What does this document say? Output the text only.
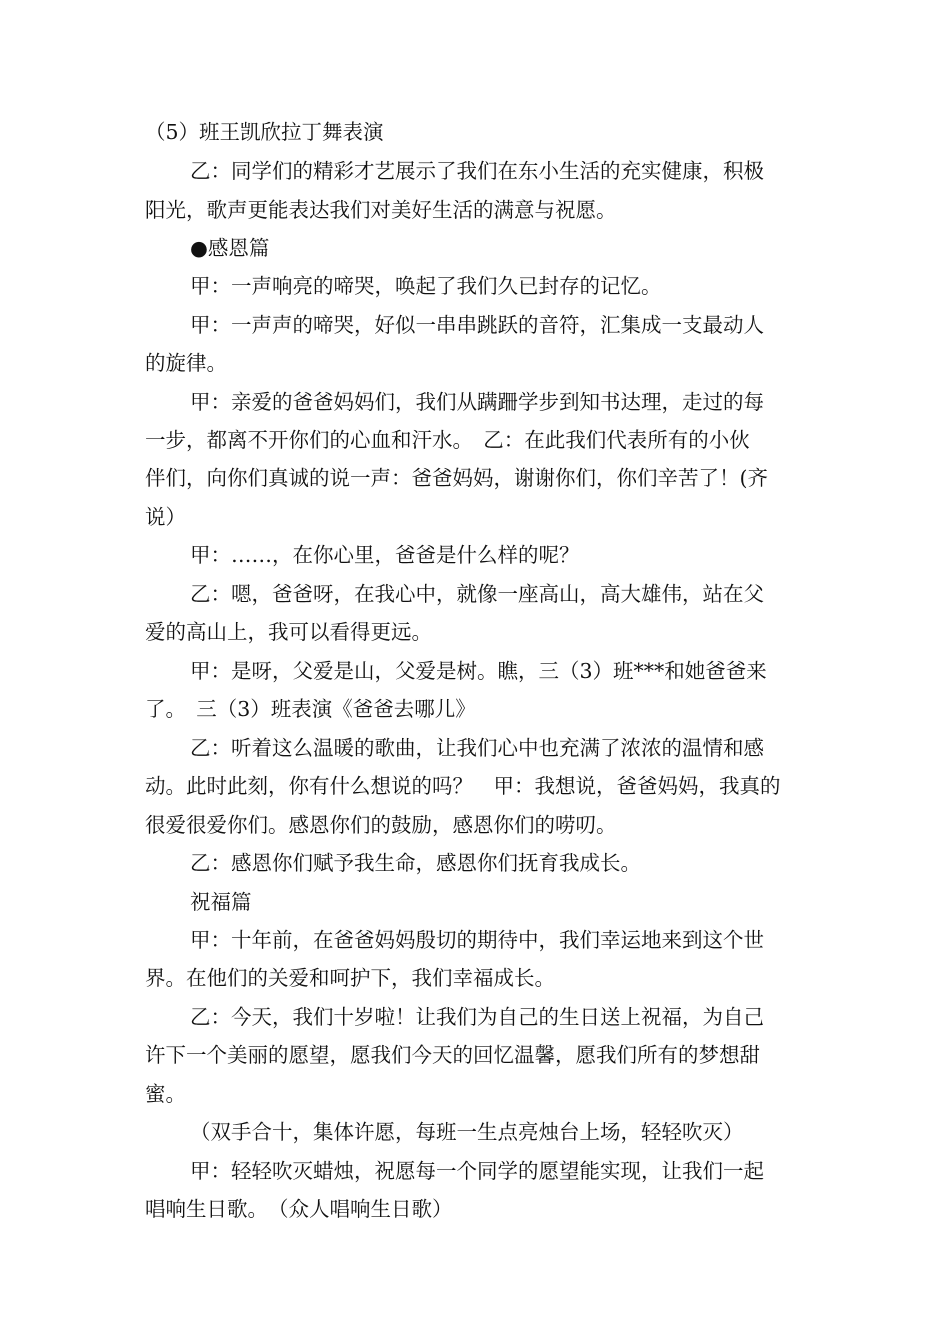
（5）班王凯欣拉丁舞表演

乙：同学们的精彩才艺展示了我们在东小生活的充实健康，积极

阳光，歌声更能表达我们对美好生活的满意与祝愿。

●感恩篇

甲：一声响亮的啼哭，唤起了我们久已封存的记忆。

甲：一声声的啼哭，好似一串串跳跃的音符，汇集成一支最动人

的旋律。

甲：亲爱的爸爸妈妈们，我们从蹒跚学步到知书达理，走过的每

一步，都离不开你们的心血和汗水。　乙：在此我们代表所有的小伙

伴们，向你们真诚的说一声：爸爸妈妈，谢谢你们，你们辛苦了！(齐

说）

甲：……，在你心里，爸爸是什么样的呢？

乙：嗯，爸爸呀，在我心中，就像一座高山，高大雄伟，站在父

爱的高山上，我可以看得更远。

甲：是呀，父爱是山，父爱是树。瞧，三（3）班***和她爸爸来

了。　三（3）班表演《爸爸去哪儿》

乙：听着这么温暖的歌曲，让我们心中也充满了浓浓的温情和感

动。此时此刻，你有什么想说的吗？　甲：我想说，爸爸妈妈，我真的

很爱很爱你们。感恩你们的鼓励，感恩你们的唠叨。

乙：感恩你们赋予我生命，感恩你们抚育我成长。

祝福篇

甲：十年前，在爸爸妈妈殷切的期待中，我们幸运地来到这个世

界。在他们的关爱和呵护下，我们幸福成长。

乙：今天，我们十岁啦！让我们为自己的生日送上祝福，为自己

许下一个美丽的愿望，愿我们今天的回忆温馨，愿我们所有的梦想甜

蜜。

（双手合十，集体许愿，每班一生点亮烛台上场，轻轻吹灭）

甲：轻轻吹灭蜡烛，祝愿每一个同学的愿望能实现，让我们一起

唱响生日歌。　（众人唱响生日歌）
